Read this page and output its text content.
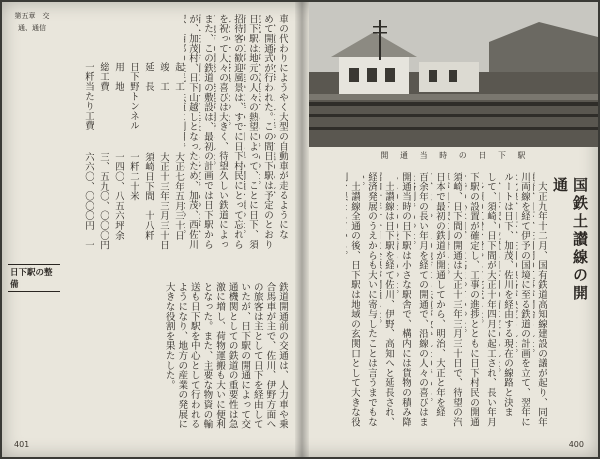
第五章　交通、通信
車の代わりにようやく大型の自動車が走るようにな
めて開通式が行われた。この間日下駅は予定のとおり
日下駅は地元の人々の熱望によって、ことに日下、須
招待客の歓迎風景は、すでに日下村民にとって忘れら
を祝って人々の喜びは大きく、待望久しい鉄道によっ
また、この鉄道の敷設は、最初の計画では日下駅から
が、加茂村、日下山越しとなったため、加茂、西佐川
起　工
大正七年五月三十日
竣　工
大正十三年三月三十日
延　長
須崎日下間　十八粁
日下野トンネル
一粁二十米
用　地
一四〇、八五六坪余
総工費
三、五九〇、〇〇〇円
一粁当たり工費
六六〇、〇〇〇円　一
日下駅の整備	鉄道開通前の交通は、人力車や乗合馬車が主で、佐川、伊野方面への旅客は主として日下を経由していたが、日下駅の開通によって交通機関としての鉄道の重要性は急激に増し、荷物運搬も大いに便利となった。また、主要な物資の輸送も日下駅を中心として行われるようになり、地方の産業の発展に大きな役割を果たした。
401
開　通　当　時　の　日　下　駅
国鉄土讃線の開通
　大正九年十二月、国有鉄道高知線建設の議が起り、同年
川両線を経て伊予の国境に至る鉄道の計画を立て、翌年に
ルートは日下、加茂、佐川を経由する現在の線路と決ま
して、須崎、日下間が大正十年四月に起工され、長い年月
下駅の設置が確定し、工事の進捗とともに日下村民の開通
須崎、日下間の開通は大正十三年三月三十日で、待望の汽
日本で最初の鉄道が開通してから、明治、大正と年を経
百余年の長い年月を経ての開通で、沿線の人々の喜びはま
開通当時の日下駅は小さな駅舎で、構内には貨物の積み降
　土讃線は日下駅を経て佐川、伊野、高知へと延長され、
経済発展のうえからも大いに寄与したことは言うまでもな
　土讃線全通の後、日下駅は地域の玄関口として大きな役
400
